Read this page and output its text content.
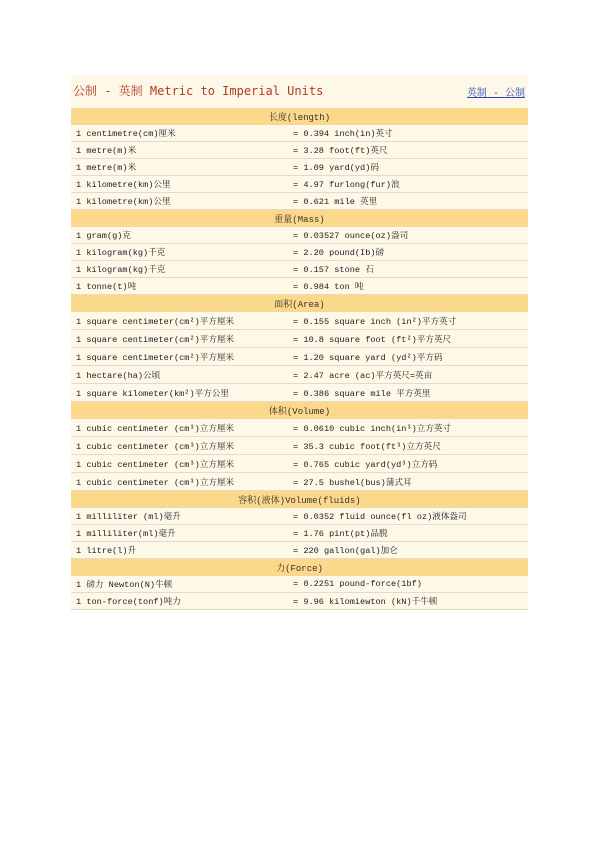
公制 - 英制 Metric to Imperial Units	英制 - 公制
长度(length)	
1 centimetre(cm)厘米	= 0.394 inch(in)英寸
1 metre(m)米	= 3.28 foot(ft)英尺
1 metre(m)米	= 1.09 yard(yd)码
1 kilometre(km)公里	= 4.97 furlong(fur)浪
1 kilometre(km)公里	= 0.621 mile 英里
重量(Mass)	
1 gram(g)克	= 0.03527 ounce(oz)盎司
1 kilogram(kg)千克	= 2.20 pound(Ib)磅
1 kilogram(kg)千克	= 0.157 stone 石
1 tonne(t)吨	= 0.984 ton 吨
面积(Area)	
1 square centimeter(cm²)平方厘米	= 0.155 square inch (in²)平方英寸
1 square centimeter(cm²)平方厘米	= 10.8 square foot (ft²)平方英尺
1 square centimeter(cm²)平方厘米	= 1.20 square yard (yd²)平方码
1 hectare(ha)公顷	= 2.47 acre (ac)平方英尺=英亩
1 square kilometer(km²)平方公里	= 0.386 square mile 平方英里
体积(Volume)	
1 cubic centimeter (cm³)立方厘米	= 0.0610 cubic inch(in³)立方英寸
1 cubic centimeter (cm³)立方厘米	= 35.3 cubic foot(ft³)立方英尺
1 cubic centimeter (cm³)立方厘米	= 0.765 cubic yard(yd³)立方码
1 cubic centimeter (cm³)立方厘米	= 27.5 bushel(bus)蒲式耳
容积(液体)Volume(fluids)	
1 milliliter (ml)毫升	= 0.0352 fluid ounce(fl oz)液体盎司
1 milliliter(ml)毫升	= 1.76 pint(pt)品脱
1 litre(l)升	= 220 gallon(gal)加仑
力(Force)	
1 磅力 Newton(N)牛顿	= 0.2251 pound-force(1bf)
1 ton-force(tonf)吨力	= 9.96 kilomiewton (kN)千牛顿
